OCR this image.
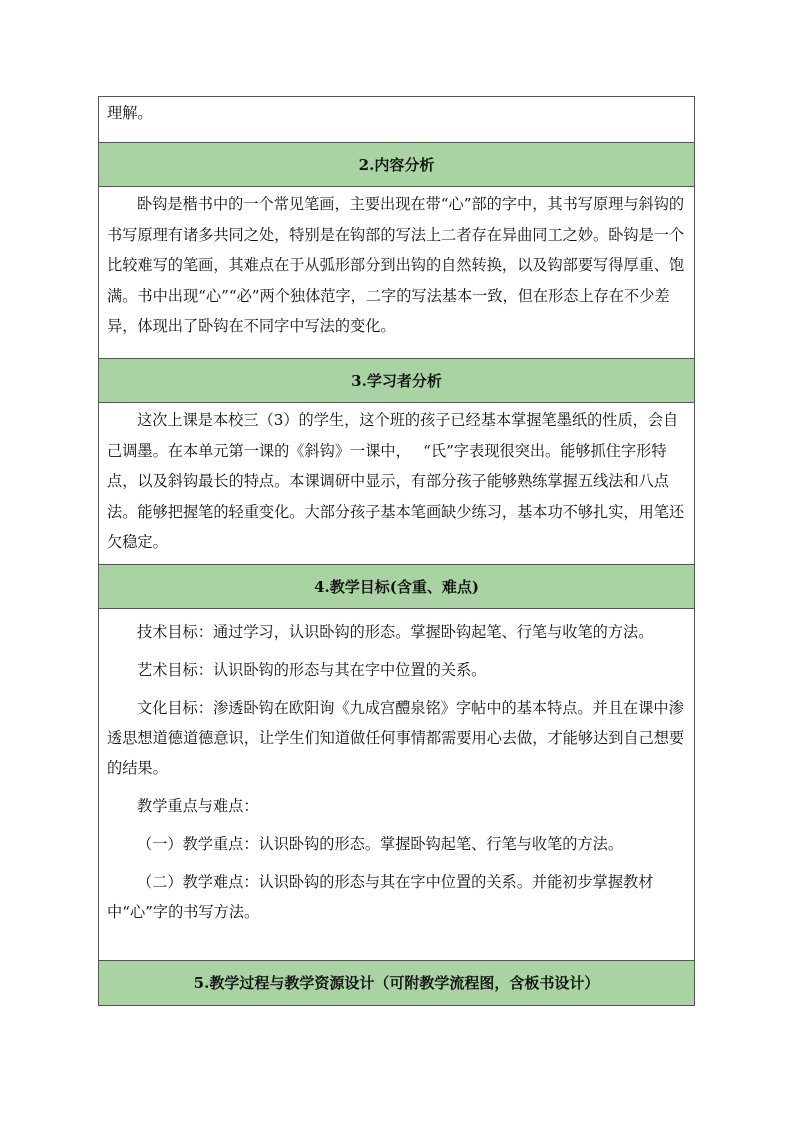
理解。

2.内容分析

卧钩是楷书中的一个常见笔画，主要出现在带“心”部的字中，其书写原理与斜钩的书写原理有诸多共同之处，特别是在钩部的写法上二者存在异曲同工之妙。卧钩是一个比较难写的笔画，其难点在于从弧形部分到出钩的自然转换，以及钩部要写得厚重、饱满。书中出现“心”“必”两个独体范字，二字的写法基本一致，但在形态上存在不少差异，体现出了卧钩在不同字中写法的变化。

3.学习者分析

这次上课是本校三（3）的学生，这个班的孩子已经基本掌握笔墨纸的性质，会自己调墨。在本单元第一课的《斜钩》一课中，　 “氏”字表现很突出。能够抓住字形特点，以及斜钩最长的特点。本课调研中显示，有部分孩子能够熟练掌握五线法和八点法。能够把握笔的轻重变化。大部分孩子基本笔画缺少练习，基本功不够扎实，用笔还欠稳定。

4.教学目标(含重、难点)

技术目标：通过学习，认识卧钩的形态。掌握卧钩起笔、行笔与收笔的方法。

艺术目标：认识卧钩的形态与其在字中位置的关系。

文化目标：渗透卧钩在欧阳询《九成宫醴泉铭》字帖中的基本特点。并且在课中渗透思想道德道德意识，让学生们知道做任何事情都需要用心去做，才能够达到自己想要的结果。

教学重点与难点：

（一）教学重点：认识卧钩的形态。掌握卧钩起笔、行笔与收笔的方法。

（二）教学难点：认识卧钩的形态与其在字中位置的关系。并能初步掌握教材中“心”字的书写方法。

5.教学过程与教学资源设计（可附教学流程图，含板书设计）
